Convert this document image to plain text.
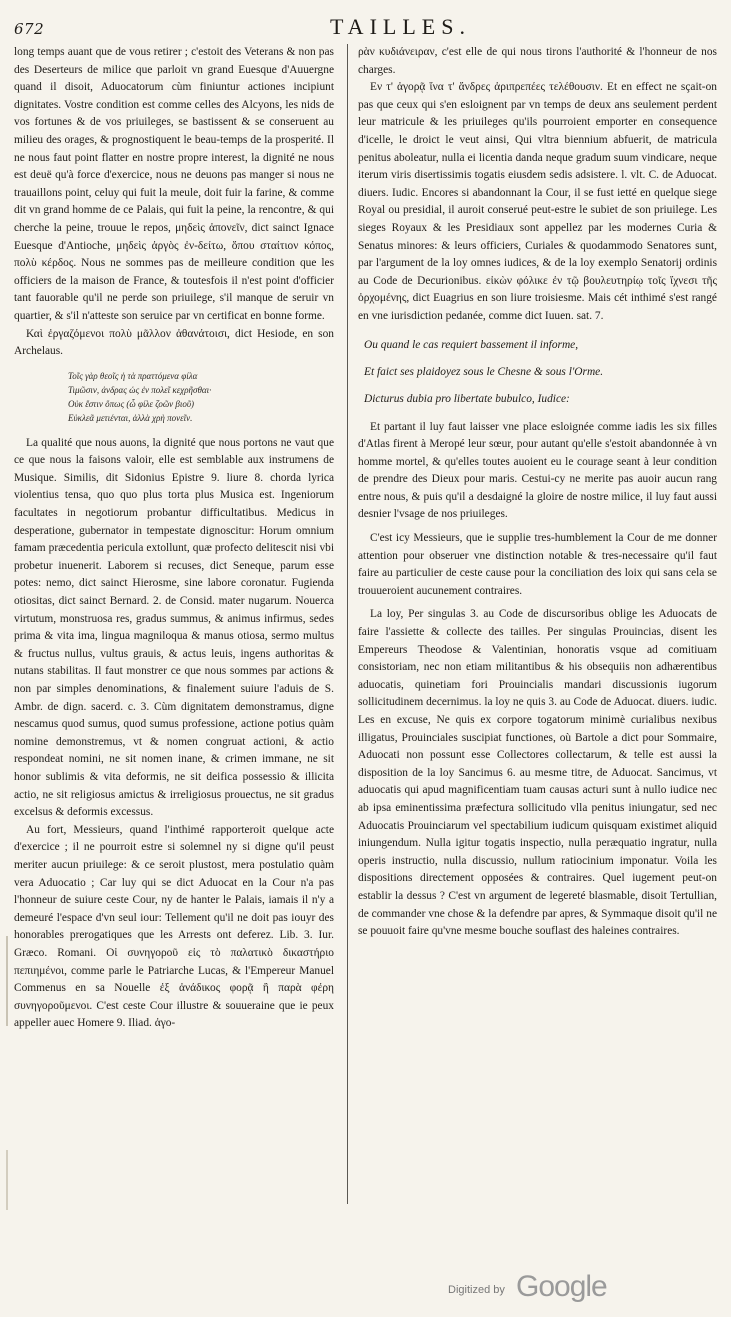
672	TAILLES.

long temps auant que de vous retirer ; c'estoit des Veterans & non pas des Deserteurs de milice que parloit vn grand Euesque d'Auuergne quand il disoit, Aduocatorum cùm finiuntur actiones incipiunt dignitates. Vostre condition est comme celles des Alcyons, les nids de vos fortunes & de vos priuileges, se bastissent & se conseruent au milieu des orages, & prognostiquent le beau-temps de la prosperité. Il ne nous faut point flatter en nostre propre interest, la dignité ne nous est deuë qu'à force d'exercice, nous ne deuons pas manger si nous ne trauaillons point, celuy qui fuit la meule, doit fuir la farine, & comme dit vn grand homme de ce Palais, qui fuit la peine, la rencontre, & qui cherche la peine, trouue le repos, μηδεὶς ἀπονεῖν, dict sainct Ignace Euesque d'Antioche, μηδεὶς ἀργὸς ἐν-δείτω, ὅπου σταίτιον κόπος, πολὺ κέρδος. Nous ne sommes pas de meilleure condition que les officiers de la maison de France, & toutesfois il n'est point d'officier tant fauorable qu'il ne perde son priuilege, s'il manque de seruir vn quartier, & s'il n'atteste son seruice par vn certificat en bonne forme.

Καὶ ἐργαζόμενοι πολὺ μᾶλλον ἀθανάτοισι, dict Hesiode, en son Archelaus.

Τοῖς γὰρ θεοῖς ἡ τὰ πραττόμενα φίλα
Τιμῶσιν, ἀνδρας ὡς ἐν πολεῖ κεχρῆσθαι·
Οὐκ ἔστιν ὅπως (ὦ φίλε ζοῶν βιοῦ)
Εὐκλεᾶ μετιένται, ἀλλὰ χρὴ πονεῖν.

La qualité que nous auons, la dignité que nous portons ne vaut que ce que nous la faisons valoir, elle est semblable aux instrumens de Musique. Similis, dit Sidonius Epistre 9. liure 8. chorda lyrica violentius tensa, quo quo plus torta plus Musica est. Ingeniorum facultates in negotiorum probantur difficultatibus. Medicus in desperatione, gubernator in tempestate dignoscitur: Horum omnium famam præcedentia pericula extollunt, quæ profecto delitescit nisi vbi probetur inuenerit. Laborem si recuses, dict Seneque, parum esse potes: nemo, dict sainct Hierosme, sine labore coronatur. Fugienda otiositas, dict sainct Bernard. 2. de Consid. mater nugarum. Nouerca virtutum, monstruosa res, gradus summus, & animus infirmus, sedes prima & vita ima, lingua magniloqua & manus otiosa, sermo multus & fructus nullus, vultus grauis, & actus leuis, ingens authoritas & nutans stabilitas. Il faut monstrer ce que nous sommes par actions & non par simples denominations, & finalement suiure l'aduis de S. Ambr. de dign. sacerd. c. 3. Cùm dignitatem demonstramus, digne nescamus quod sumus, quod sumus professione, actione potius quàm nomine demonstremus, vt & nomen congruat actioni, & actio respondeat nomini, ne sit nomen inane, & crimen immane, ne sit honor sublimis & vita deformis, ne sit deifica possessio & illicita actio, ne sit religiosus amictus & irreligiosus prouectus, ne sit gradus excelsus & deformis excessus.

Au fort, Messieurs, quand l'inthimé rapporteroit quelque acte d'exercice ; il ne pourroit estre si solemnel ny si digne qu'il peust meriter aucun priuilege: & ce seroit plustost, mera postulatio quàm vera Aduocatio ; Car luy qui se dict Aduocat en la Cour n'a pas l'honneur de suiure ceste Cour, ny de hanter le Palais, iamais il n'y a demeuré l'espace d'vn seul iour: Tellement qu'il ne doit pas iouyr des honorables prerogatiques que les Arrests ont deferez. Lib. 3. Iur. Græco. Romani. Οἱ συνηγοροῦ εἰς τὸ παλατικὸ δικαστήριο πεπιημένοι, comme parle le Patriarche Lucas, & l'Empereur Manuel Commenus en sa Nouelle ἐξ ἀνάδικος φορᾷ ἢ παρὰ φέρη συνηγοροῦμενοι. C'est ceste Cour illustre & souueraine que ie peux appeller auec Homere 9. Iliad. ἀγο-

ρὰν κυδιάνειραν, c'est elle de qui nous tirons l'authorité & l'honneur de nos charges.

Εν τ' ἀγορᾷ ἵνα τ' ἄνδρες ἀριπρεπέες τελέθουσιν. Et en effect ne sçait-on pas que ceux qui s'en esloignent par vn temps de deux ans seulement perdent leur matricule & les priuileges qu'ils pourroient emporter en consequence d'icelle, le droict le veut ainsi, Qui vltra biennium abfuerit, de matricula penitus aboleatur, nulla ei licentia danda neque gradum suum vindicare, neque iterum viris disertissimis togatis eiusdem sedis adsistere. l. vlt. C. de Aduocat. diuers. Iudic. Encores si abandonnant la Cour, il se fust ietté en quelque siege Royal ou presidial, il auroit conserué peut-estre le subiet de son priuilege. Les sieges Royaux & les Presidiaux sont appellez par les modernes Curia & Senatus minores: & leurs officiers, Curiales & quodammodo Senatores sunt, par l'argument de la loy omnes iudices, & de la loy exemplo Senatorij ordinis au Code de Decurionibus. εἰκὼν φόλικε ἐν τῷ βουλευτηρίῳ τοῖς ἴχνεσι τῆς ὀρχομένης, dict Euagrius en son liure troisiesme. Mais cét inthimé s'est rangé en vne iurisdiction pedanée, comme dict Iuuen. sat. 7.

Ou quand le cas requiert bassement il informe,
Et faict ses plaidoyez sous le Chesne & sous l'Orme.
Dicturus dubia pro libertate bubulco, Iudice:

Et partant il luy faut laisser vne place esloignée comme iadis les six filles d'Atlas firent à Meropé leur sœur, pour autant qu'elle s'estoit abandonnée à vn homme mortel, & qu'elles toutes auoient eu le courage seant à leur condition de prendre des Dieux pour maris. Cestui-cy ne merite pas auoir aucun rang entre nous, & puis qu'il a desdaigné la gloire de nostre milice, il luy faut aussi desnier l'vsage de nos priuileges.

C'est icy Messieurs, que ie supplie tres-humblement la Cour de me donner attention pour obseruer vne distinction notable & tres-necessaire qu'il faut faire au particulier de ceste cause pour la conciliation des loix qui sans cela se trouueroient aucunement contraires.

La loy, Per singulas 3. au Code de discursoribus oblige les Aduocats de faire l'assiette & collecte des tailles. Per singulas Prouincias, disent les Empereurs Theodose & Valentinian, honoratis vsque ad comitiuam consistoriam, nec non etiam militantibus & his obsequiis non adhærentibus aduocatis, quinetiam fori Prouincialis mandari discussionis iugorum sollicitudinem decernimus. la loy ne quis 3. au Code de Aduocat. diuers. iudic. Les en excuse, Ne quis ex corpore togatorum minimè curialibus nexibus illigatus, Prouinciales suscipiat functiones, où Bartole a dict pour Sommaire, Aduocati non possunt esse Collectores collectarum, & telle est aussi la disposition de la loy Sancimus 6. au mesme titre, de Aduocat. Sancimus, vt aduocatis qui apud magnificentiam tuam causas acturi sunt à nullo iudice nec ab ipsa eminentissima præfectura sollicitudo vlla penitus iniungatur, sed nec Aduocatis Prouinciarum vel spectabilium iudicum quisquam existimet aliquid iniungendum. Nulla igitur togatis inspectio, nulla peræquatio ingratur, nulla operis instructio, nulla discussio, nullum ratiocinium imponatur. Voila les dispositions directement opposées & contraires. Quel iugement peut-on establir la dessus ? C'est vn argument de legereté blasmable, disoit Tertullian, de commander vne chose & la defendre par apres, & Symmaque disoit qu'il ne se pouuoit faire qu'vne mesme bouche souflast des haleines contraires.

Digitized by Google
